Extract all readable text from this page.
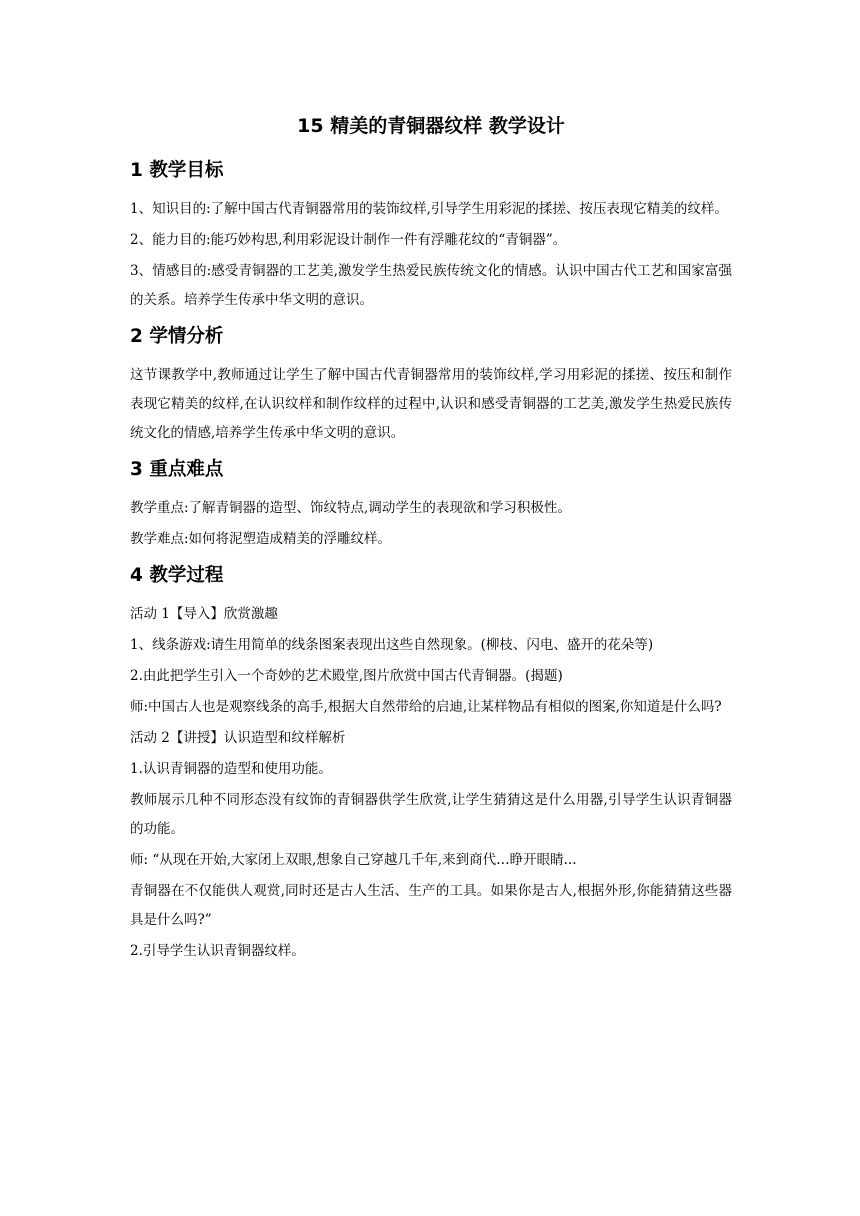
15 精美的青铜器纹样 教学设计
1 教学目标

1、知识目的:了解中国古代青铜器常用的装饰纹样,引导学生用彩泥的揉搓、按压表现它精美的纹样。

2、能力目的:能巧妙构思,利用彩泥设计制作一件有浮雕花纹的“青铜器”。

3、情感目的:感受青铜器的工艺美,激发学生热爱民族传统文化的情感。认识中国古代工艺和国家富强的关系。培养学生传承中华文明的意识。

2 学情分析

这节课教学中,教师通过让学生了解中国古代青铜器常用的装饰纹样,学习用彩泥的揉搓、按压和制作表现它精美的纹样,在认识纹样和制作纹样的过程中,认识和感受青铜器的工艺美,激发学生热爱民族传统文化的情感,培养学生传承中华文明的意识。

3 重点难点

教学重点:了解青铜器的造型、饰纹特点,调动学生的表现欲和学习积极性。

教学难点:如何将泥塑造成精美的浮雕纹样。

4 教学过程

活动 1【导入】欣赏激趣

1、线条游戏:请生用简单的线条图案表现出这些自然现象。(柳枝、闪电、盛开的花朵等)

2.由此把学生引入一个奇妙的艺术殿堂,图片欣赏中国古代青铜器。(揭题)

师:中国古人也是观察线条的高手,根据大自然带给的启迪,让某样物品有相似的图案,你知道是什么吗?

活动 2【讲授】认识造型和纹样解析

1.认识青铜器的造型和使用功能。

教师展示几种不同形态没有纹饰的青铜器供学生欣赏,让学生猜猜这是什么用器,引导学生认识青铜器的功能。

师: “从现在开始,大家闭上双眼,想象自己穿越几千年,来到商代…睁开眼睛...

青铜器在不仅能供人观赏,同时还是古人生活、生产的工具。如果你是古人,根据外形,你能猜猜这些器具是什么吗?”

2.引导学生认识青铜器纹样。
